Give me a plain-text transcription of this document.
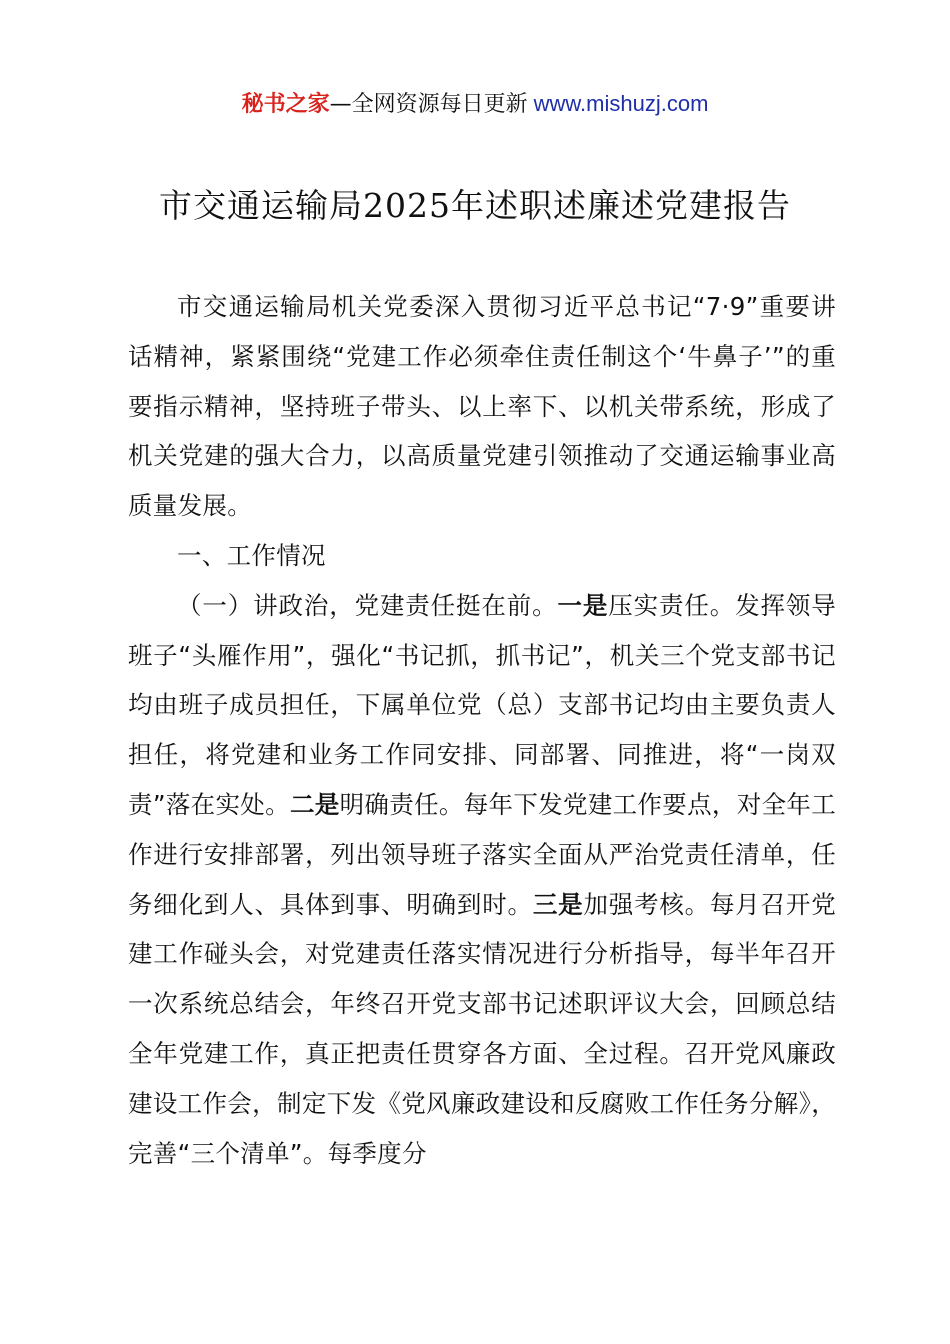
秘书之家—全网资源每日更新 www.mishuzj.com
市交通运输局2025年述职述廉述党建报告

市交通运输局机关党委深入贯彻习近平总书记“7·9”重要讲话精神，紧紧围绕“党建工作必须牵住责任制这个‘牛鼻子’”的重要指示精神，坚持班子带头、以上率下、以机关带系统，形成了机关党建的强大合力，以高质量党建引领推动了交通运输事业高质量发展。

一、工作情况

（一）讲政治，党建责任挺在前。一是压实责任。发挥领导班子“头雁作用”，强化“书记抓，抓书记”，机关三个党支部书记均由班子成员担任，下属单位党（总）支部书记均由主要负责人担任，将党建和业务工作同安排、同部署、同推进，将“一岗双责”落在实处。二是明确责任。每年下发党建工作要点，对全年工作进行安排部署，列出领导班子落实全面从严治党责任清单，任务细化到人、具体到事、明确到时。三是加强考核。每月召开党建工作碰头会，对党建责任落实情况进行分析指导，每半年召开一次系统总结会，年终召开党支部书记述职评议大会，回顾总结全年党建工作，真正把责任贯穿各方面、全过程。召开党风廉政建设工作会，制定下发《党风廉政建设和反腐败工作任务分解》，完善“三个清单”。每季度分
